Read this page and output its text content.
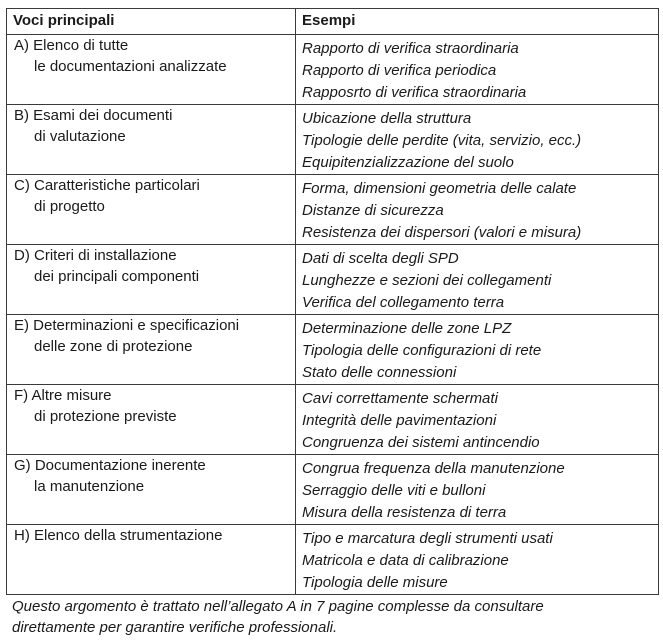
Voci principali	Esempi

A) Elenco di tutte
le documentazioni analizzate	Rapporto di verifica straordinaria
Rapporto di verifica periodica
Rapposrto di verifica straordinaria

B) Esami dei documenti
di valutazione	Ubicazione della struttura
Tipologie delle perdite (vita, servizio, ecc.)
Equipitenzializzazione del suolo

C) Caratteristiche particolari
di progetto	Forma, dimensioni geometria delle calate
Distanze di sicurezza
Resistenza dei dispersori (valori e misura)

D) Criteri di installazione
dei principali componenti	Dati di scelta degli SPD
Lunghezze e sezioni dei collegamenti
Verifica del collegamento terra

E) Determinazioni e specificazioni
delle zone di protezione	Determinazione delle zone LPZ
Tipologia delle configurazioni di rete
Stato delle connessioni

F) Altre misure
di protezione previste	Cavi correttamente schermati
Integrità delle pavimentazioni
Congruenza dei sistemi antincendio

G) Documentazione inerente
la manutenzione	Congrua frequenza della manutenzione
Serraggio delle viti e bulloni
Misura della resistenza di terra

H) Elenco della strumentazione	Tipo e marcatura degli strumenti usati
Matricola e data di calibrazione
Tipologia delle misure
Questo argomento è trattato nell’allegato A in 7 pagine complesse da consultare
direttamente per garantire verifiche professionali.
